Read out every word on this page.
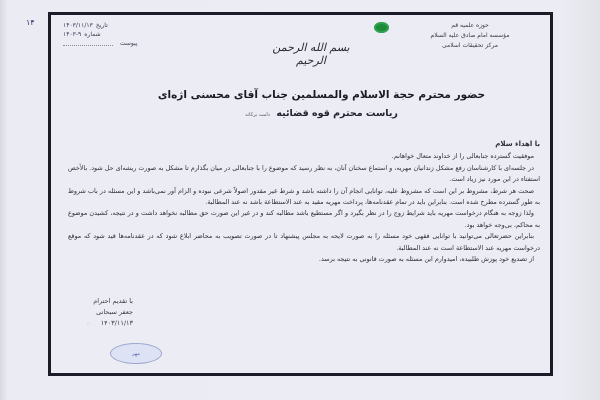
حوزه علمیه قم
مؤسسه امام صادق علیه السلام
مرکز تحقیقات اسلامی
تاریخ
۱۴۰۳/۱۱/۱۳
شماره
۱۴۰۳-۹
پیوست	بسم الله الرحمن الرحیم
حضور محترم حجة الاسلام والمسلمین جناب آقای محسنی اژه‌ای
ریاست محترم قوه قضائیه دامت برکاته
با اهداء سلام

موفقیت گسترده جنابعالی را از خداوند متعال خواهانم.

در جلسه‌ای با کارشناسان رفع مشکل زندانیان مهریه، و استماع سخنان آنان، به نظر رسید که موضوع را با جنابعالی در میان بگذارم تا مشکل به صورت ریشه‌ای حل شود. بالأخص استفتاء در این مورد نیز زیاد است.

صحت هر شرط، مشروط بر این است که مشروط علیه، توانایی انجام آن را داشته باشد و شرط غیر مقدور اصولاً شرعی نبوده و الزام آور نمی‌باشد و این مسئله در باب شروط به طور گسترده مطرح شده است. بنابراین باید در تمام عقدنامه‌ها، پرداخت مهریه مقید به عند الاستطاعة باشد نه عند المطالبة.

ولذا زوجه به هنگام درخواست مهریه باید شرایط زوج را در نظر بگیرد و اگر مستطیع باشد مطالبه کند و در غیر این صورت حق مطالبه نخواهد داشت و در نتیجه، کشیدن موضوع به محاکم، بی‌وجه خواهد بود.

بنابراین حضرتعالی می‌توانید با توانایی فقهی خود مسئله را به صورت لایحه به مجلس پیشنهاد تا در صورت تصویب به محاضر ابلاغ شود که در عقدنامه‌ها قید شود که موقع درخواست مهریه عند الاستطاعة است نه عند المطالبة.

از تصدیع خود پوزش طلبیده، امیدوارم این مسئله به صورت قانونی به نتیجه برسد.

با تقدیم احترام
جعفر سبحانی
۱۴۰۳/۱۱/۱۳
..
مهر
۱۴
